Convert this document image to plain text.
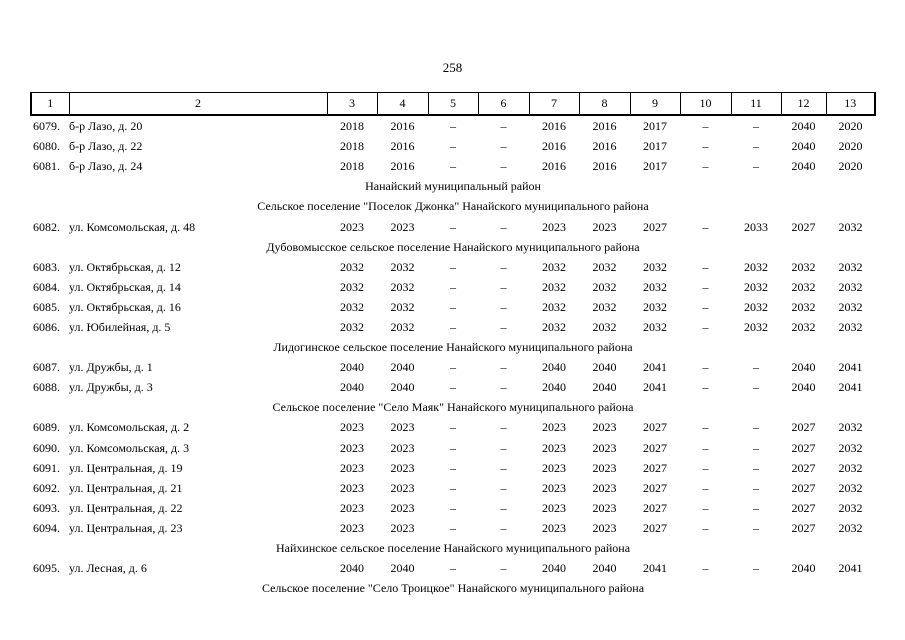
258
1	2	3	4	5	6	7	8	9	10	11	12	13
6079.	б-р Лазо, д. 20	2018	2016	–	–	2016	2016	2017	–	–	2040	2020
6080.	б-р Лазо, д. 22	2018	2016	–	–	2016	2016	2017	–	–	2040	2020
6081.	б-р Лазо, д. 24	2018	2016	–	–	2016	2016	2017	–	–	2040	2020
Нанайский муниципальный район												
Сельское поселение "Поселок Джонка" Нанайского муниципального района												
6082.	ул. Комсомольская, д. 48	2023	2023	–	–	2023	2023	2027	–	2033	2027	2032
Дубовомысское сельское поселение Нанайского муниципального района												
6083.	ул. Октябрьская, д. 12	2032	2032	–	–	2032	2032	2032	–	2032	2032	2032
6084.	ул. Октябрьская, д. 14	2032	2032	–	–	2032	2032	2032	–	2032	2032	2032
6085.	ул. Октябрьская, д. 16	2032	2032	–	–	2032	2032	2032	–	2032	2032	2032
6086.	ул. Юбилейная, д. 5	2032	2032	–	–	2032	2032	2032	–	2032	2032	2032
Лидогинское сельское поселение Нанайского муниципального района												
6087.	ул. Дружбы, д. 1	2040	2040	–	–	2040	2040	2041	–	–	2040	2041
6088.	ул. Дружбы, д. 3	2040	2040	–	–	2040	2040	2041	–	–	2040	2041
Сельское поселение "Село Маяк" Нанайского муниципального района												
6089.	ул. Комсомольская, д. 2	2023	2023	–	–	2023	2023	2027	–	–	2027	2032
6090.	ул. Комсомольская, д. 3	2023	2023	–	–	2023	2023	2027	–	–	2027	2032
6091.	ул. Центральная, д. 19	2023	2023	–	–	2023	2023	2027	–	–	2027	2032
6092.	ул. Центральная, д. 21	2023	2023	–	–	2023	2023	2027	–	–	2027	2032
6093.	ул. Центральная, д. 22	2023	2023	–	–	2023	2023	2027	–	–	2027	2032
6094.	ул. Центральная, д. 23	2023	2023	–	–	2023	2023	2027	–	–	2027	2032
Найхинское сельское поселение Нанайского муниципального района												
6095.	ул. Лесная, д. 6	2040	2040	–	–	2040	2040	2041	–	–	2040	2041
Сельское поселение "Село Троицкое" Нанайского муниципального района												
